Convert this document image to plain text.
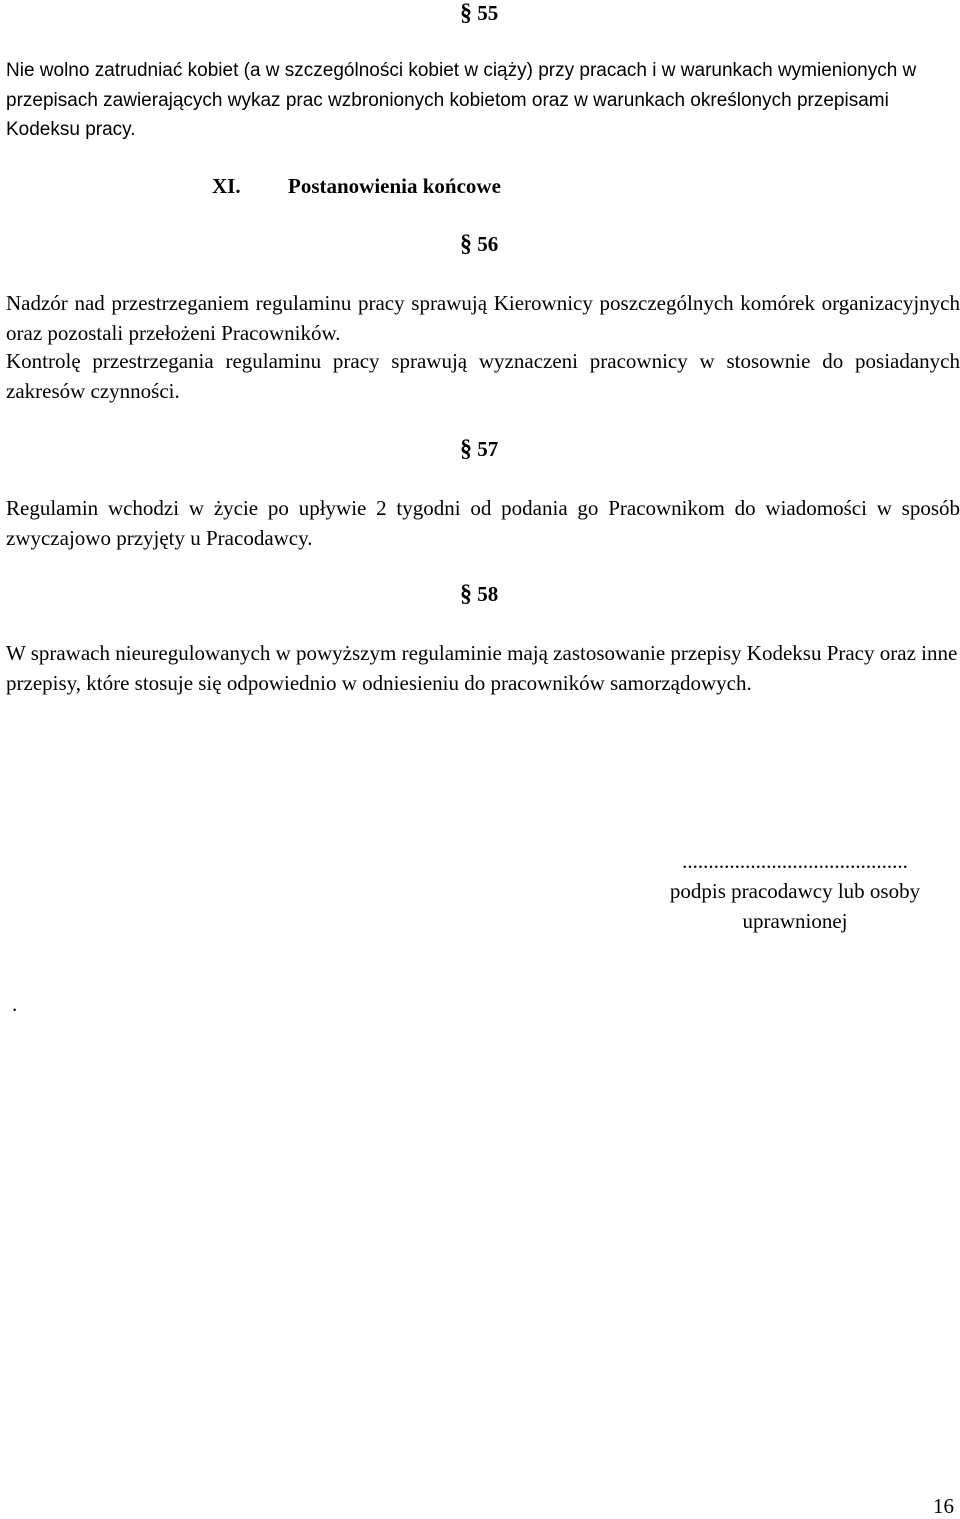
§ 55

Nie wolno zatrudniać kobiet (a w szczególności kobiet w ciąży) przy pracach i w warunkach wymienionych w przepisach zawierających wykaz prac wzbronionych kobietom oraz w warunkach określonych przepisami Kodeksu pracy.

XI. Postanowienia końcowe
§ 56

Nadzór nad przestrzeganiem regulaminu pracy sprawują Kierownicy poszczególnych komórek organizacyjnych oraz pozostali przełożeni Pracowników.

Kontrolę przestrzegania regulaminu pracy sprawują wyznaczeni pracownicy w stosownie do posiadanych zakresów czynności.

§ 57

Regulamin wchodzi w życie po upływie 2 tygodni od podania go Pracownikom do wiadomości w sposób zwyczajowo przyjęty u Pracodawcy.

§ 58

W sprawach nieuregulowanych w powyższym regulaminie mają zastosowanie przepisy Kodeksu Pracy oraz inne przepisy, które stosuje się odpowiednio w odniesieniu do pracowników samorządowych.

...........................................
podpis pracodawcy lub osoby
uprawnionej
.
16
